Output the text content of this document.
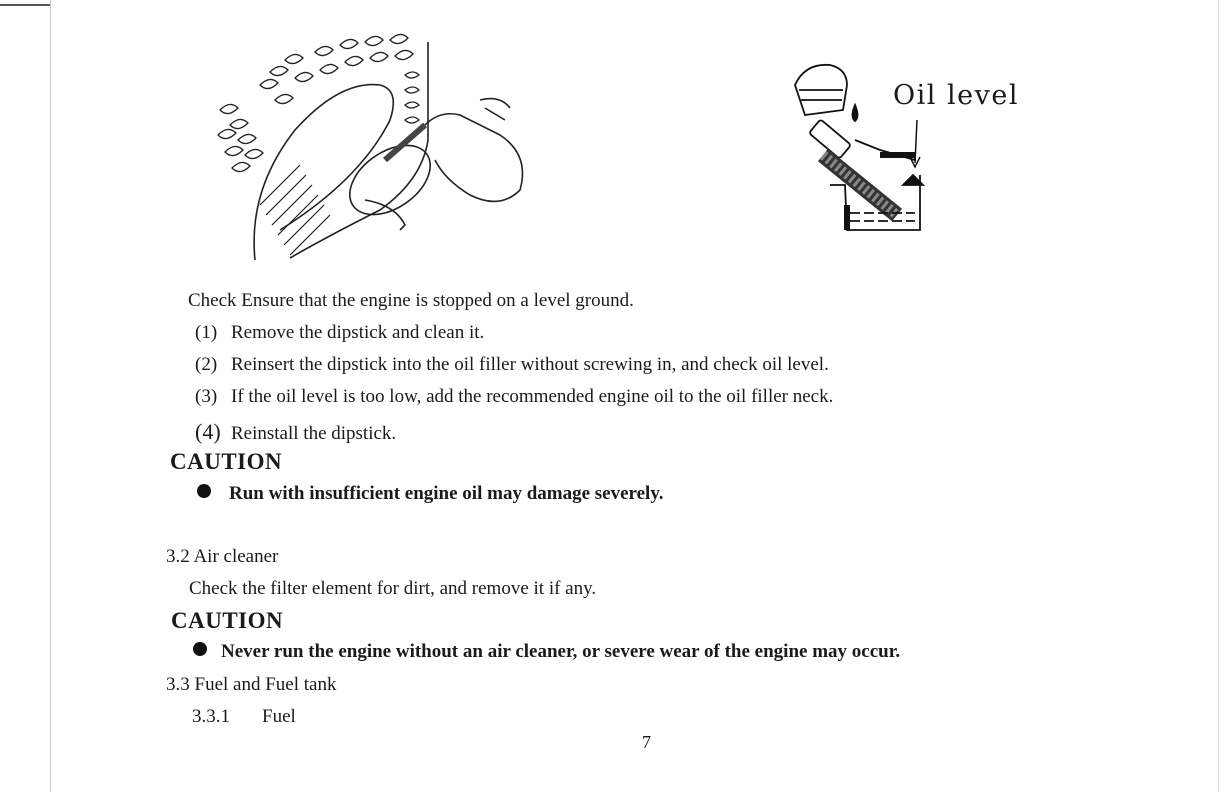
Oil level
Check Ensure that the engine is stopped on a level ground.
(1) Remove the dipstick and clean it.
(2) Reinsert the dipstick into the oil filler without screwing in, and check oil level.
(3) If the oil level is too low, add the recommended engine oil to the oil filler neck.
(4) Reinstall the dipstick.
CAUTION
Run with insufficient engine oil may damage severely.
3.2 Air cleaner
Check the filter element for dirt, and remove it if any.
CAUTION
Never run the engine without an air cleaner, or severe wear of the engine may occur.
3.3 Fuel and Fuel tank
3.3.1 Fuel
7
